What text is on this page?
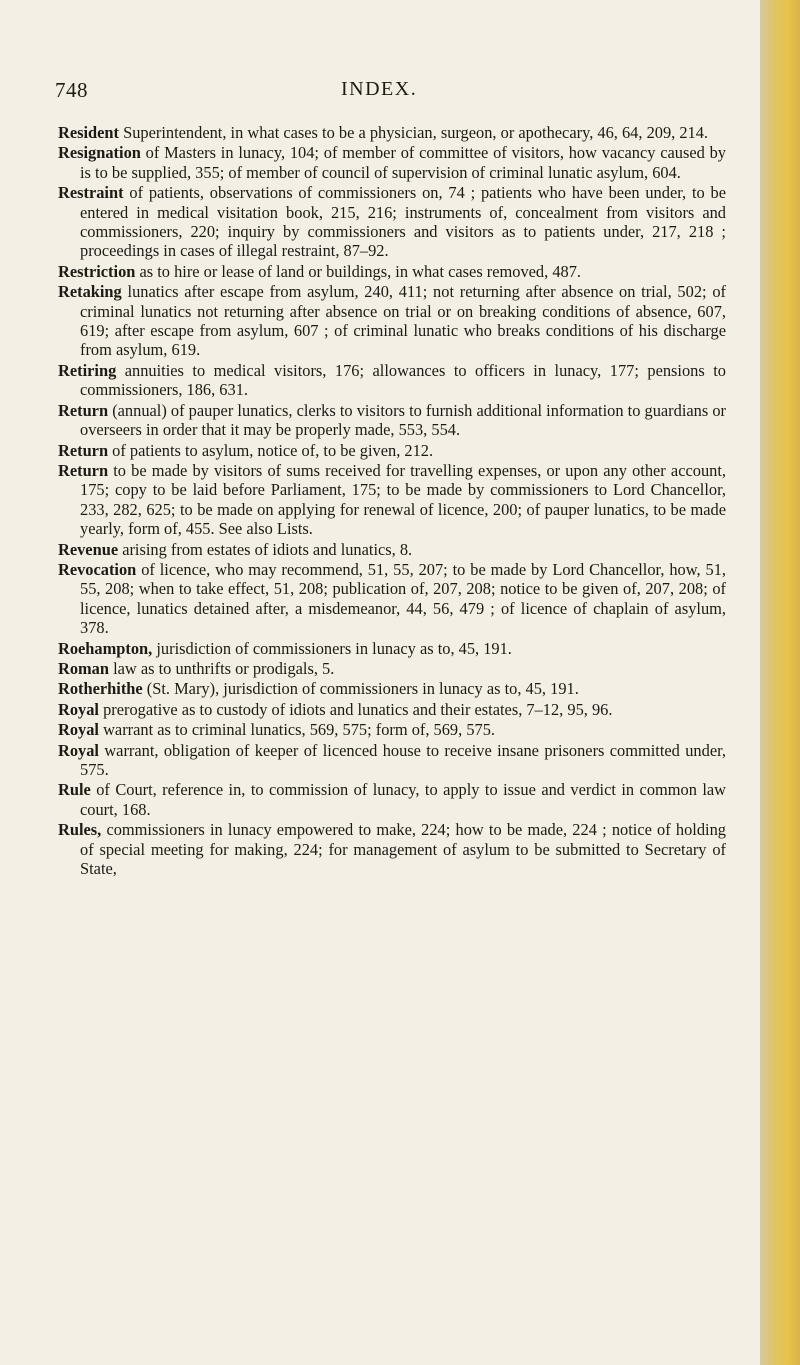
748	INDEX.

Resident Superintendent, in what cases to be a physician, surgeon, or apothecary, 46, 64, 209, 214.

Resignation of Masters in lunacy, 104; of member of committee of visitors, how vacancy caused by is to be supplied, 355; of member of council of supervision of criminal lunatic asylum, 604.

Restraint of patients, observations of commissioners on, 74 ; patients who have been under, to be entered in medical visitation book, 215, 216; instruments of, concealment from visitors and commissioners, 220; inquiry by commissioners and visitors as to patients under, 217, 218 ; proceedings in cases of illegal restraint, 87–92.

Restriction as to hire or lease of land or buildings, in what cases removed, 487.

Retaking lunatics after escape from asylum, 240, 411; not returning after absence on trial, 502; of criminal lunatics not returning after absence on trial or on breaking conditions of absence, 607, 619; after escape from asylum, 607 ; of criminal lunatic who breaks conditions of his discharge from asylum, 619.

Retiring annuities to medical visitors, 176; allowances to officers in lunacy, 177; pensions to commissioners, 186, 631.

Return (annual) of pauper lunatics, clerks to visitors to furnish additional information to guardians or overseers in order that it may be properly made, 553, 554.

Return of patients to asylum, notice of, to be given, 212.

Return to be made by visitors of sums received for travelling expenses, or upon any other account, 175; copy to be laid before Parliament, 175; to be made by commissioners to Lord Chancellor, 233, 282, 625; to be made on applying for renewal of licence, 200; of pauper lunatics, to be made yearly, form of, 455. See also Lists.

Revenue arising from estates of idiots and lunatics, 8.

Revocation of licence, who may recommend, 51, 55, 207; to be made by Lord Chancellor, how, 51, 55, 208; when to take effect, 51, 208; publication of, 207, 208; notice to be given of, 207, 208; of licence, lunatics detained after, a misdemeanor, 44, 56, 479 ; of licence of chaplain of asylum, 378.

Roehampton, jurisdiction of commissioners in lunacy as to, 45, 191.

Roman law as to unthrifts or prodigals, 5.

Rotherhithe (St. Mary), jurisdiction of commissioners in lunacy as to, 45, 191.

Royal prerogative as to custody of idiots and lunatics and their estates, 7–12, 95, 96.

Royal warrant as to criminal lunatics, 569, 575; form of, 569, 575.

Royal warrant, obligation of keeper of licenced house to receive insane prisoners committed under, 575.

Rule of Court, reference in, to commission of lunacy, to apply to issue and verdict in common law court, 168.

Rules, commissioners in lunacy empowered to make, 224; how to be made, 224 ; notice of holding of special meeting for making, 224; for management of asylum to be submitted to Secretary of State,
